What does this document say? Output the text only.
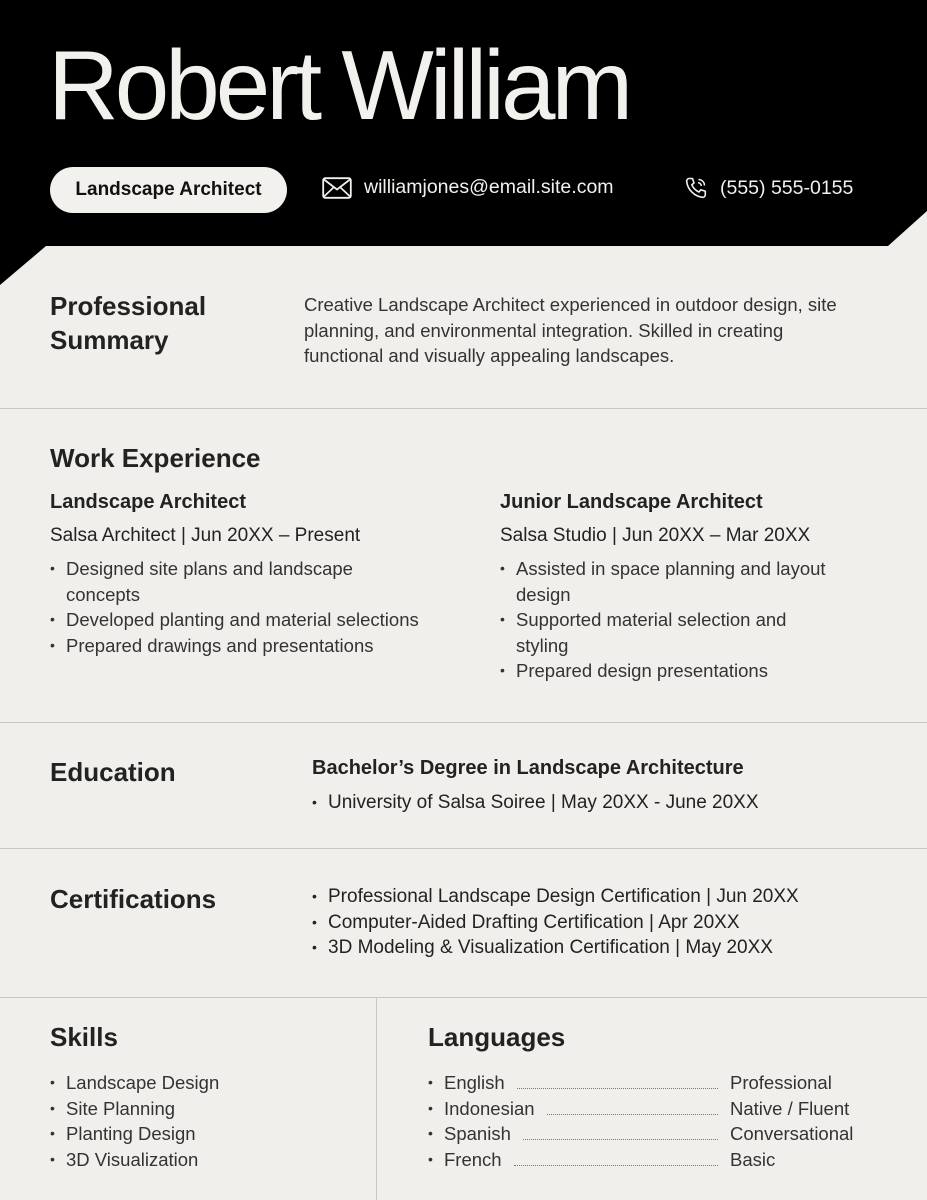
Robert William
Landscape Architect	williamjones@email.site.com	(555) 555-0155
Professional
Summary
Creative Landscape Architect experienced in outdoor design, site planning, and environmental integration. Skilled in creating functional and visually appealing landscapes.
Work Experience
Landscape Architect
Salsa Architect | Jun 20XX – Present
• Designed site plans and landscape concepts
• Developed planting and material selections
• Prepared drawings and presentations
Junior Landscape Architect
Salsa Studio | Jun 20XX – Mar 20XX
• Assisted in space planning and layout design
• Supported material selection and styling
• Prepared design presentations
Education	Bachelor’s Degree in Landscape Architecture
• University of Salsa Soiree | May 20XX - June 20XX
Certifications
•	Professional Landscape Design Certification | Jun 20XX
• Computer-Aided Drafting Certification | Apr 20XX
• 3D Modeling & Visualization Certification | May 20XX
Skills
• Landscape Design
• Site Planning
• Planting Design
• 3D Visualization
Languages
• English	Professional
• Indonesian	Native / Fluent
• Spanish	Conversational
• French	Basic
